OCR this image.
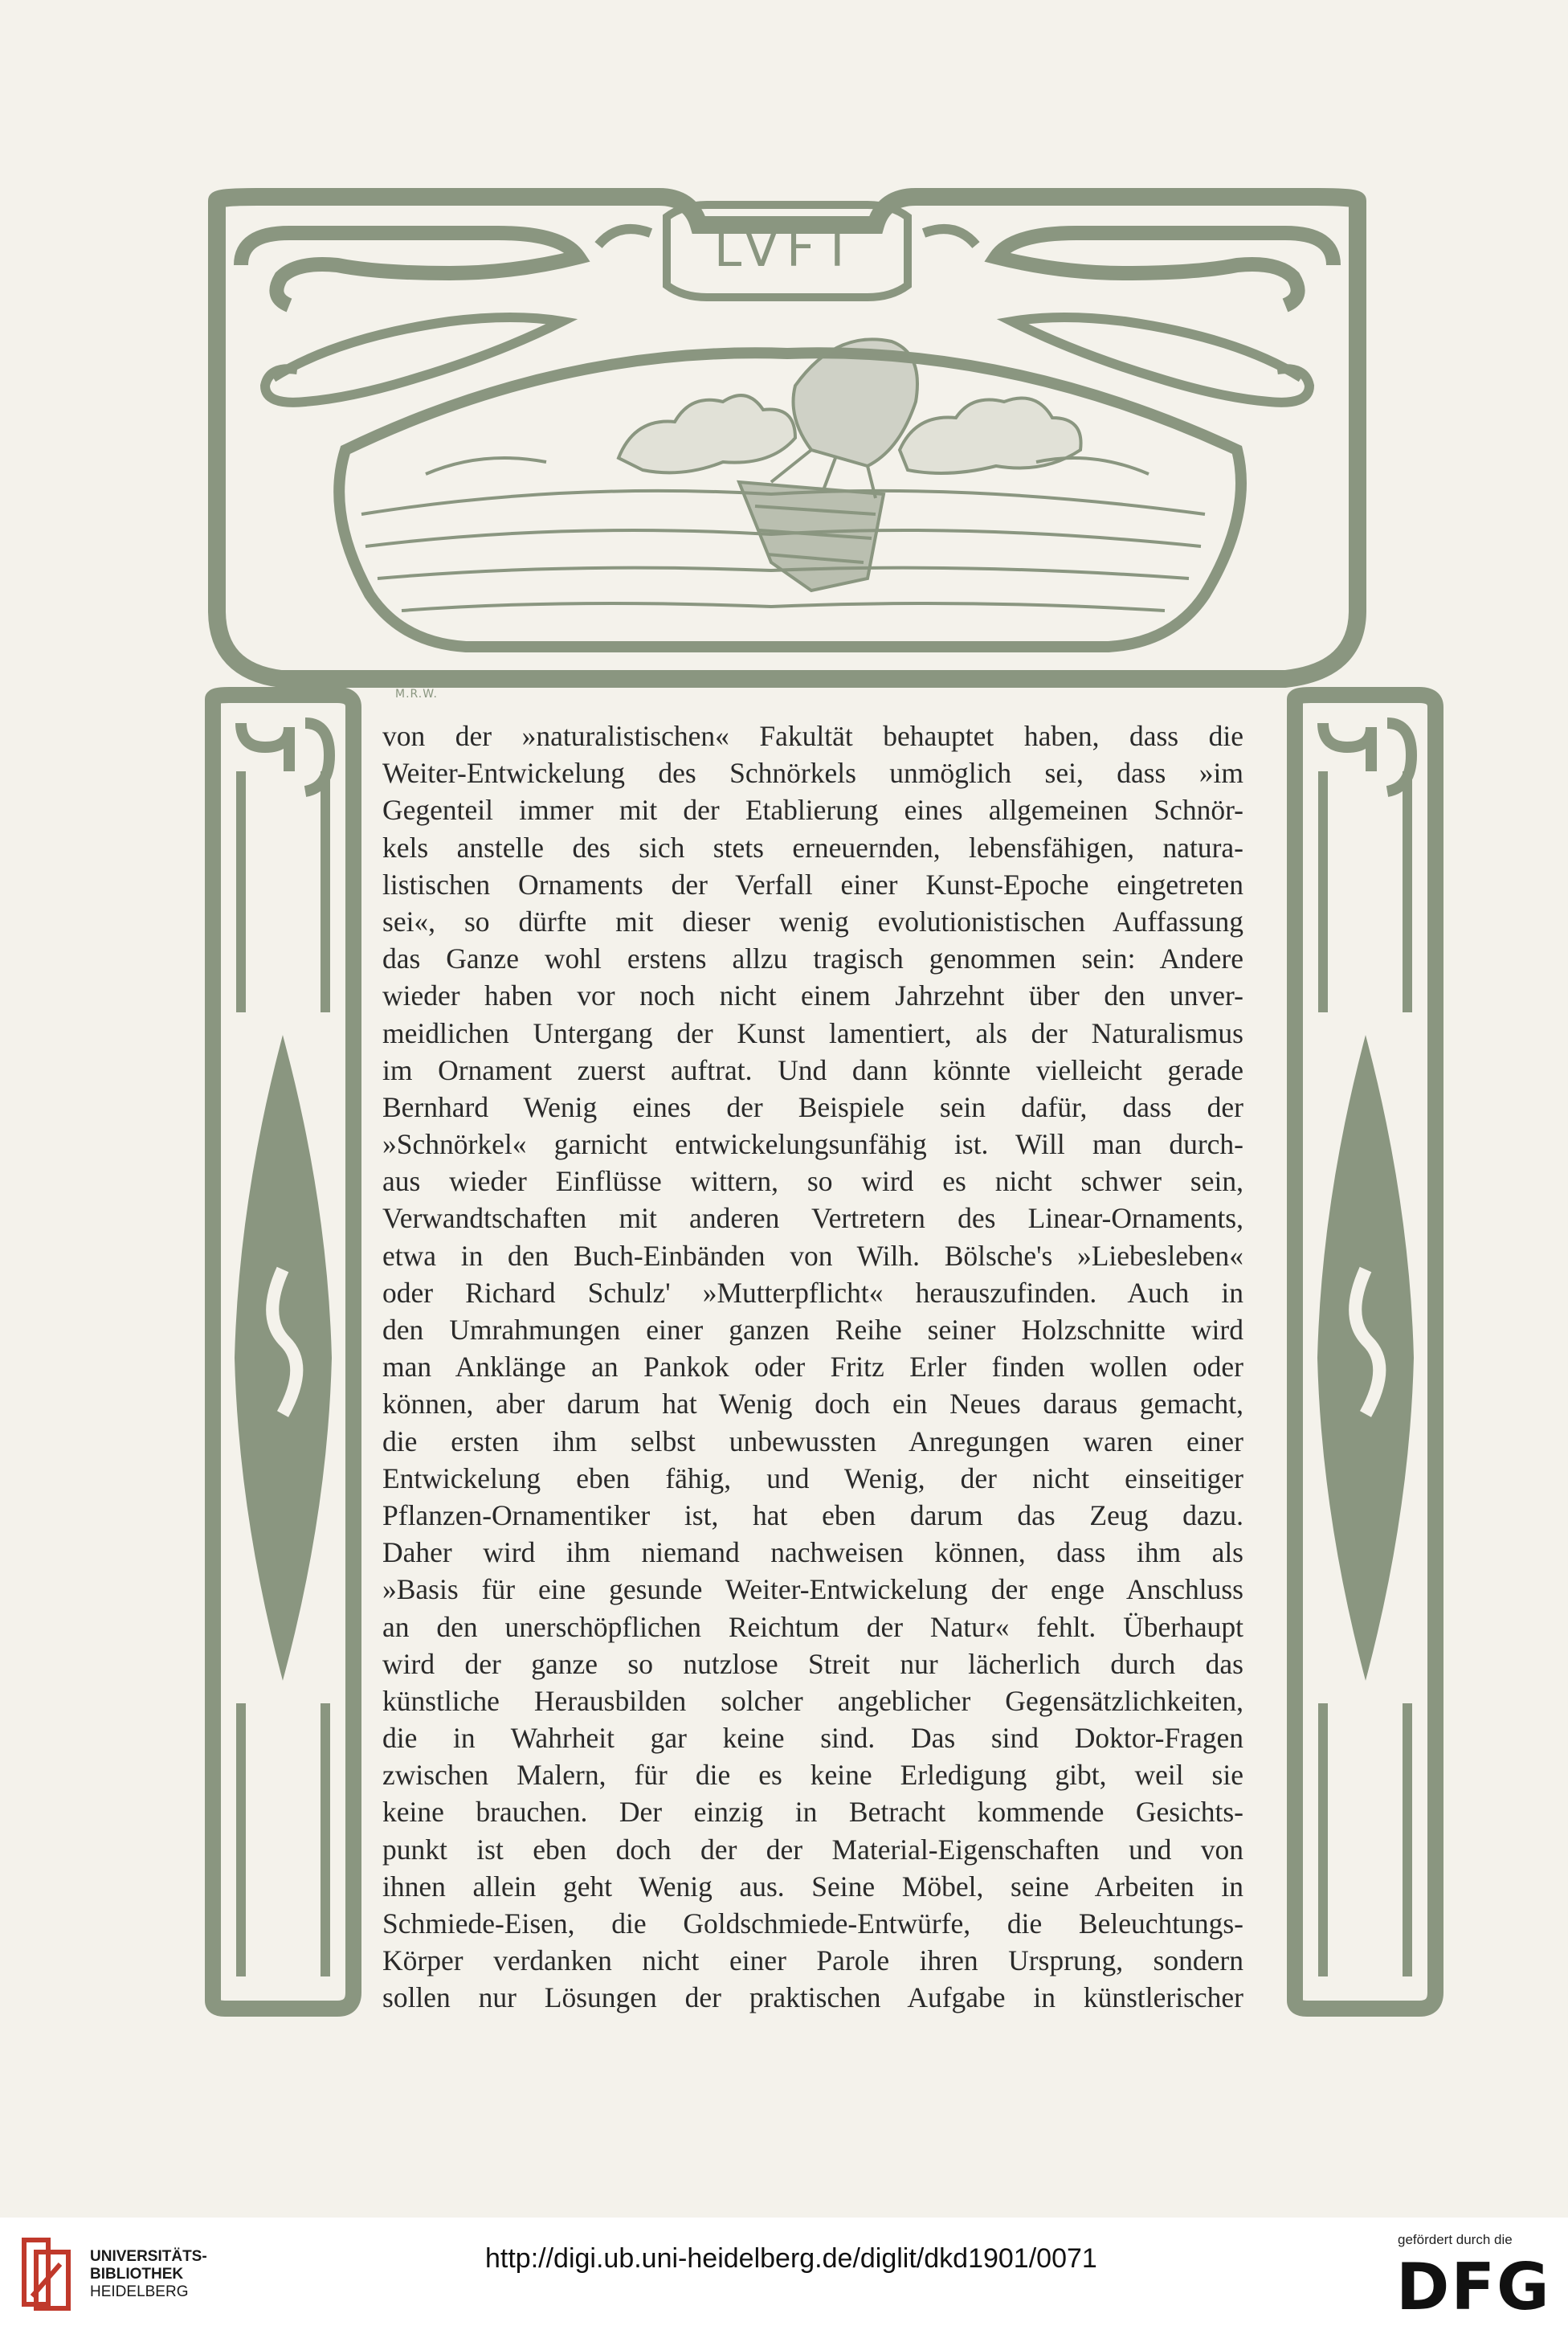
LVFT
M.R.W.
von der »naturalistischen« Fakultät behauptet haben, dass die
Weiter-Entwickelung des Schnörkels unmöglich sei, dass »im
Gegenteil immer mit der Etablierung eines allgemeinen Schnör-
kels anstelle des sich stets erneuernden, lebensfähigen, natura-
listischen Ornaments der Verfall einer Kunst-Epoche eingetreten
sei«, so dürfte mit dieser wenig evolutionistischen Auffassung
das Ganze wohl erstens allzu tragisch genommen sein: Andere
wieder haben vor noch nicht einem Jahrzehnt über den unver-
meidlichen Untergang der Kunst lamentiert, als der Naturalismus
im Ornament zuerst auftrat. Und dann könnte vielleicht gerade
Bernhard Wenig eines der Beispiele sein dafür, dass der
»Schnörkel« garnicht entwickelungsunfähig ist. Will man durch-
aus wieder Einflüsse wittern, so wird es nicht schwer sein,
Verwandtschaften mit anderen Vertretern des Linear-Ornaments,
etwa in den Buch-Einbänden von Wilh. Bölsche's »Liebesleben«
oder Richard Schulz' »Mutterpflicht« herauszufinden. Auch in
den Umrahmungen einer ganzen Reihe seiner Holzschnitte wird
man Anklänge an Pankok oder Fritz Erler finden wollen oder
können, aber darum hat Wenig doch ein Neues daraus gemacht,
die ersten ihm selbst unbewussten Anregungen waren einer
Entwickelung eben fähig, und Wenig, der nicht einseitiger
Pflanzen-Ornamentiker ist, hat eben darum das Zeug dazu.
Daher wird ihm niemand nachweisen können, dass ihm als
»Basis für eine gesunde Weiter-Entwickelung der enge Anschluss
an den unerschöpflichen Reichtum der Natur« fehlt. Überhaupt
wird der ganze so nutzlose Streit nur lächerlich durch das
künstliche Herausbilden solcher angeblicher Gegensätzlichkeiten,
die in Wahrheit gar keine sind. Das sind Doktor-Fragen
zwischen Malern, für die es keine Erledigung gibt, weil sie
keine brauchen. Der einzig in Betracht kommende Gesichts-
punkt ist eben doch der der Material-Eigenschaften und von
ihnen allein geht Wenig aus. Seine Möbel, seine Arbeiten in
Schmiede-Eisen, die Goldschmiede-Entwürfe, die Beleuchtungs-
Körper verdanken nicht einer Parole ihren Ursprung, sondern
sollen nur Lösungen der praktischen Aufgabe in künstlerischer
UNIVERSITÄTS-
BIBLIOTHEK
HEIDELBERG
http://digi.ub.uni-heidelberg.de/diglit/dkd1901/0071
gefördert durch die
DFG
